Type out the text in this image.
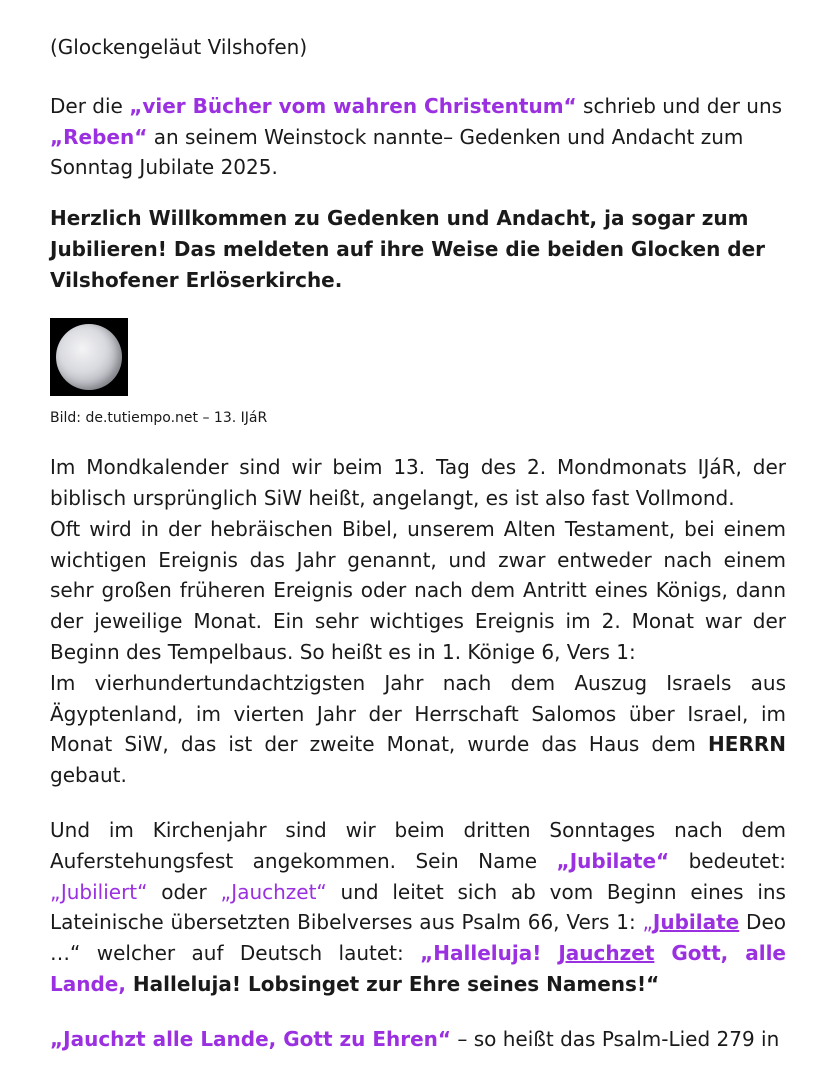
(Glockengeläut Vilshofen)

Der die „vier Bücher vom wahren Christentum“ schrieb und der uns „Reben“ an seinem Weinstock nannte– Gedenken und Andacht zum Sonntag Jubilate 2025.

Herzlich Willkommen zu Gedenken und Andacht, ja sogar zum Jubilieren! Das meldeten auf ihre Weise die beiden Glocken der Vilshofener Erlöserkirche.

Bild: de.tutiempo.net – 13. IJáR

Im Mondkalender sind wir beim 13. Tag des 2. Mondmonats IJáR, der biblisch ursprünglich SiW heißt, angelangt, es ist also fast Vollmond.

Oft wird in der hebräischen Bibel, unserem Alten Testament, bei einem wichtigen Ereignis das Jahr genannt, und zwar entweder nach einem sehr großen früheren Ereignis oder nach dem Antritt eines Königs, dann der jeweilige Monat. Ein sehr wichtiges Ereignis im 2. Monat war der Beginn des Tempelbaus. So heißt es in 1. Könige 6, Vers 1:

Im vierhundertundachtzigsten Jahr nach dem Auszug Israels aus Ägyptenland, im vierten Jahr der Herrschaft Salomos über Israel, im Monat SiW, das ist der zweite Monat, wurde das Haus dem HERRN gebaut.

Und im Kirchenjahr sind wir beim dritten Sonntages nach dem Auferstehungsfest angekommen. Sein Name „Jubilate“ bedeutet: „Jubiliert“ oder „Jauchzet“ und leitet sich ab vom Beginn eines ins Lateinische übersetzten Bibelverses aus Psalm 66, Vers 1: „Jubilate Deo …“ welcher auf Deutsch lautet: „Halleluja! Jauchzet Gott, alle Lande, Halleluja! Lobsinget zur Ehre seines Namens!“

„Jauchzt alle Lande, Gott zu Ehren“ – so heißt das Psalm-Lied 279 in
